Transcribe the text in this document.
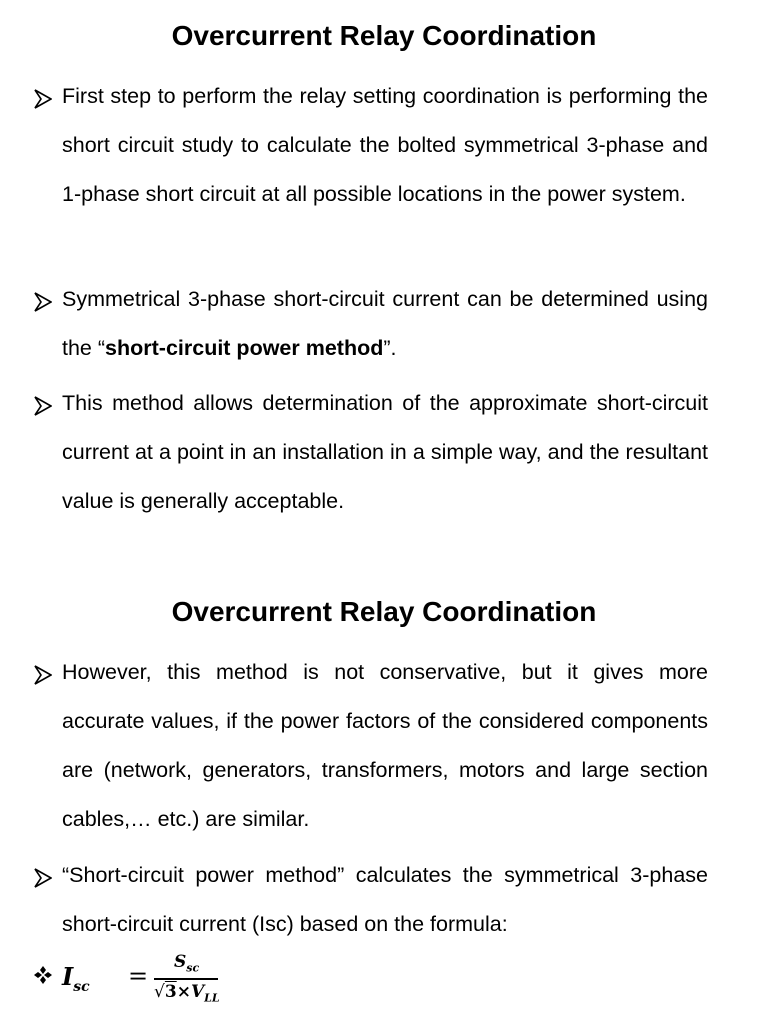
Overcurrent Relay Coordination

First step to perform the relay setting coordination is performing the short circuit study to calculate the bolted symmetrical 3-phase and 1-phase short circuit at all possible locations in the power system.

Symmetrical 3-phase short-circuit current can be determined using the “short-circuit power method”.

This method allows determination of the approximate short-circuit current at a point in an installation in a simple way, and the resultant value is generally acceptable.

Overcurrent Relay Coordination

However, this method is not conservative, but it gives more accurate values, if the power factors of the considered components are (network, generators, transformers, motors and large section cables,… etc.) are similar.

“Short-circuit power method” calculates the symmetrical 3-phase short-circuit current (Isc) based on the formula:

$I_{sc} = S_{sc}$
$√3\times V_{LL}$
